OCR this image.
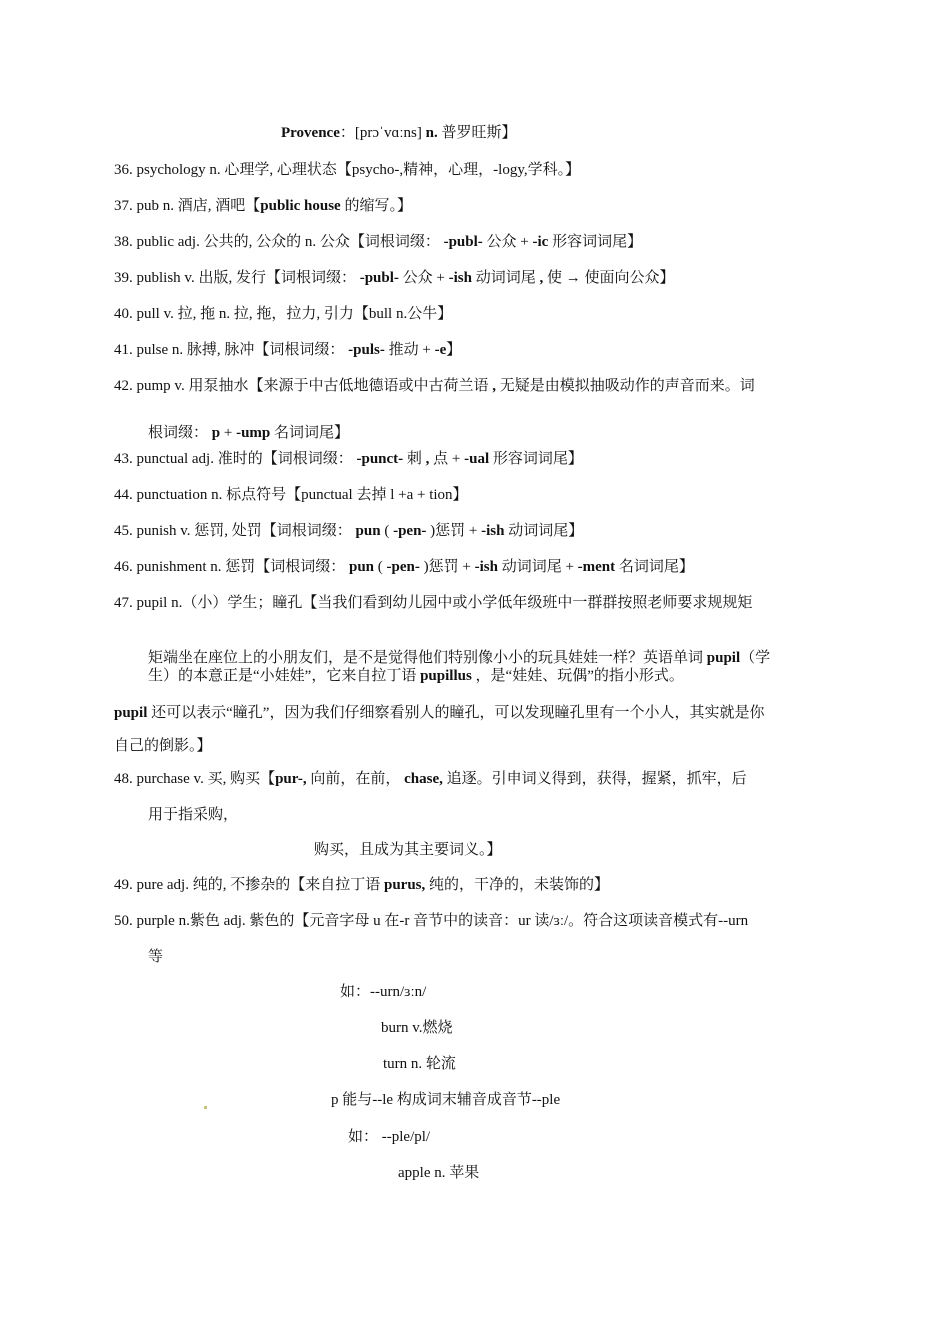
Provence：[prɔˈvɑːns] n. 普罗旺斯】
36. psychology n. 心理学, 心理状态【psycho-,精神，心理，-logy,学科。】
37. pub n. 酒店, 酒吧【public house 的缩写。】
38. public adj. 公共的, 公众的 n. 公众【词根词缀： -publ- 公众 + -ic 形容词词尾】
39. publish v. 出版, 发行【词根词缀： -publ- 公众 + -ish 动词词尾 , 使 → 使面向公众】
40. pull v. 拉, 拖 n. 拉, 拖，拉力, 引力【bull n.公牛】
41. pulse n. 脉搏, 脉冲【词根词缀： -puls- 推动 + -e】
42. pump v. 用泵抽水【来源于中古低地德语或中古荷兰语 , 无疑是由模拟抽吸动作的声音而来。词
根词缀： p + -ump 名词词尾】
43. punctual adj. 准时的【词根词缀： -punct- 刺 , 点 + -ual 形容词词尾】
44. punctuation n. 标点符号【punctual 去掉 l +a + tion】
45. punish v. 惩罚, 处罚【词根词缀： pun ( -pen- )惩罚 + -ish 动词词尾】
46. punishment n. 惩罚【词根词缀： pun ( -pen- )惩罚 + -ish 动词词尾 + -ment 名词词尾】
47. pupil n.（小）学生；瞳孔【当我们看到幼儿园中或小学低年级班中一群群按照老师要求规规矩
矩端坐在座位上的小朋友们，是不是觉得他们特别像小小的玩具娃娃一样？英语单词 pupil（学
生）的本意正是“小娃娃”，它来自拉丁语 pupillus ，是“娃娃、玩偶”的指小形式。
pupil 还可以表示“瞳孔”，因为我们仔细察看别人的瞳孔，可以发现瞳孔里有一个小人，其实就是你
自己的倒影。】
48. purchase v. 买, 购买【pur-, 向前，在前， chase, 追逐。引申词义得到，获得，握紧，抓牢，后
用于指采购，
购买，且成为其主要词义。】
49. pure adj. 纯的, 不掺杂的【来自拉丁语 purus, 纯的，干净的，未装饰的】
50. purple n.紫色 adj. 紫色的【元音字母 u 在-r 音节中的读音：ur 读/ɜː/。符合这项读音模式有--urn
等
如：--urn/ɜːn/
burn v.燃烧
turn n. 轮流
p 能与--le 构成词末辅音成音节--ple
如： --ple/pl/
apple n. 苹果
